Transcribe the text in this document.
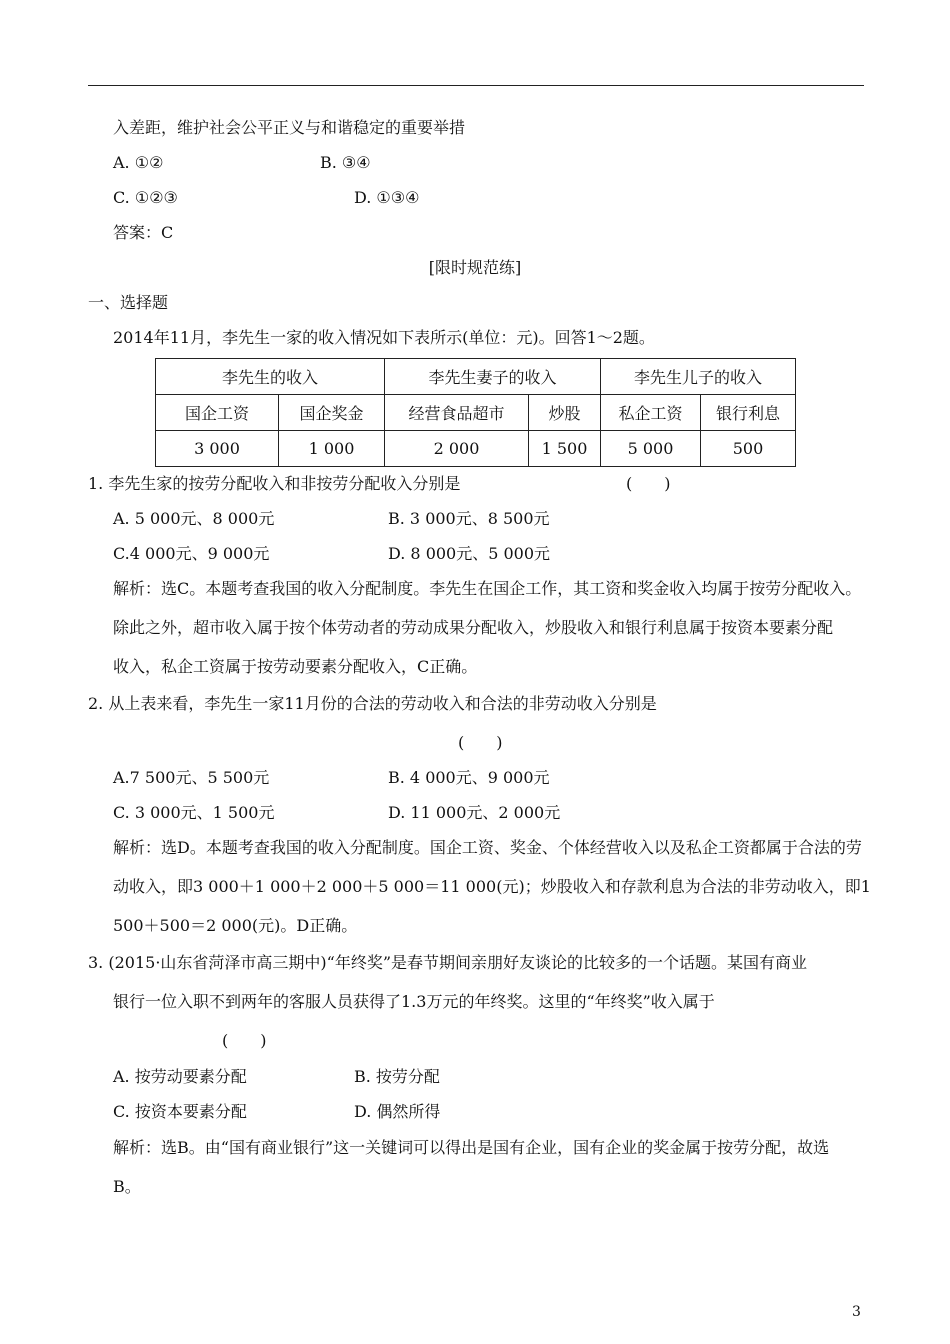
入差距，维护社会公平正义与和谐稳定的重要举措
A. ①②	B. ③④
C. ①②③	D. ①③④
答案：C
[限时规范练]
一、选择题
2014年11月，李先生一家的收入情况如下表所示(单位：元)。回答1～2题。
李先生的收入		李先生妻子的收入		李先生儿子的收入	
国企工资	国企奖金	经营食品超市	炒股	私企工资	银行利息
3 000	1 000	2 000	1 500	5 000	500
1. 李先生家的按劳分配收入和非按劳分配收入分别是	(　　)
A. 5 000元、8 000元	B. 3 000元、8 500元
C.4 000元、9 000元	D. 8 000元、5 000元
解析：选C。本题考查我国的收入分配制度。李先生在国企工作，其工资和奖金收入均属于按劳分配收入。
除此之外，超市收入属于按个体劳动者的劳动成果分配收入，炒股收入和银行利息属于按资本要素分配
收入，私企工资属于按劳动要素分配收入，C正确。
2. 从上表来看，李先生一家11月份的合法的劳动收入和合法的非劳动收入分别是
(　　)
A.7 500元、5 500元	B. 4 000元、9 000元
C. 3 000元、1 500元	D. 11 000元、2 000元
解析：选D。本题考查我国的收入分配制度。国企工资、奖金、个体经营收入以及私企工资都属于合法的劳
动收入，即3 000＋1 000＋2 000＋5 000＝11 000(元)；炒股收入和存款利息为合法的非劳动收入，即1
500＋500＝2 000(元)。D正确。
3. (2015·山东省菏泽市高三期中)“年终奖”是春节期间亲朋好友谈论的比较多的一个话题。某国有商业
银行一位入职不到两年的客服人员获得了1.3万元的年终奖。这里的“年终奖”收入属于
(　　)
A. 按劳动要素分配	B. 按劳分配
C. 按资本要素分配	D. 偶然所得
解析：选B。由“国有商业银行”这一关键词可以得出是国有企业，国有企业的奖金属于按劳分配，故选
B。
3
